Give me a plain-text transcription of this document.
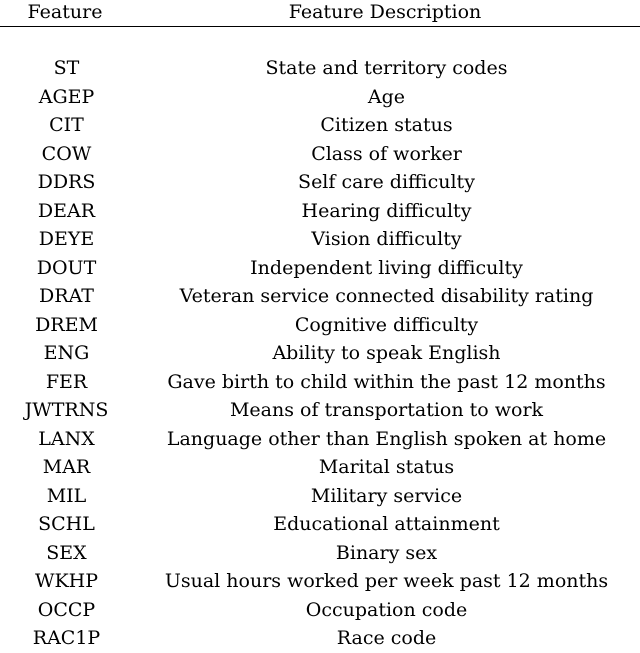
Feature	Feature Description
ST	State and territory codes
AGEP	Age
CIT	Citizen status
COW	Class of worker
DDRS	Self care difficulty
DEAR	Hearing difficulty
DEYE	Vision difficulty
DOUT	Independent living difficulty
DRAT	Veteran service connected disability rating
DREM	Cognitive difficulty
ENG	Ability to speak English
FER	Gave birth to child within the past 12 months
JWTRNS	Means of transportation to work
LANX	Language other than English spoken at home
MAR	Marital status
MIL	Military service
SCHL	Educational attainment
SEX	Binary sex
WKHP	Usual hours worked per week past 12 months
OCCP	Occupation code
RAC1P	Race code
